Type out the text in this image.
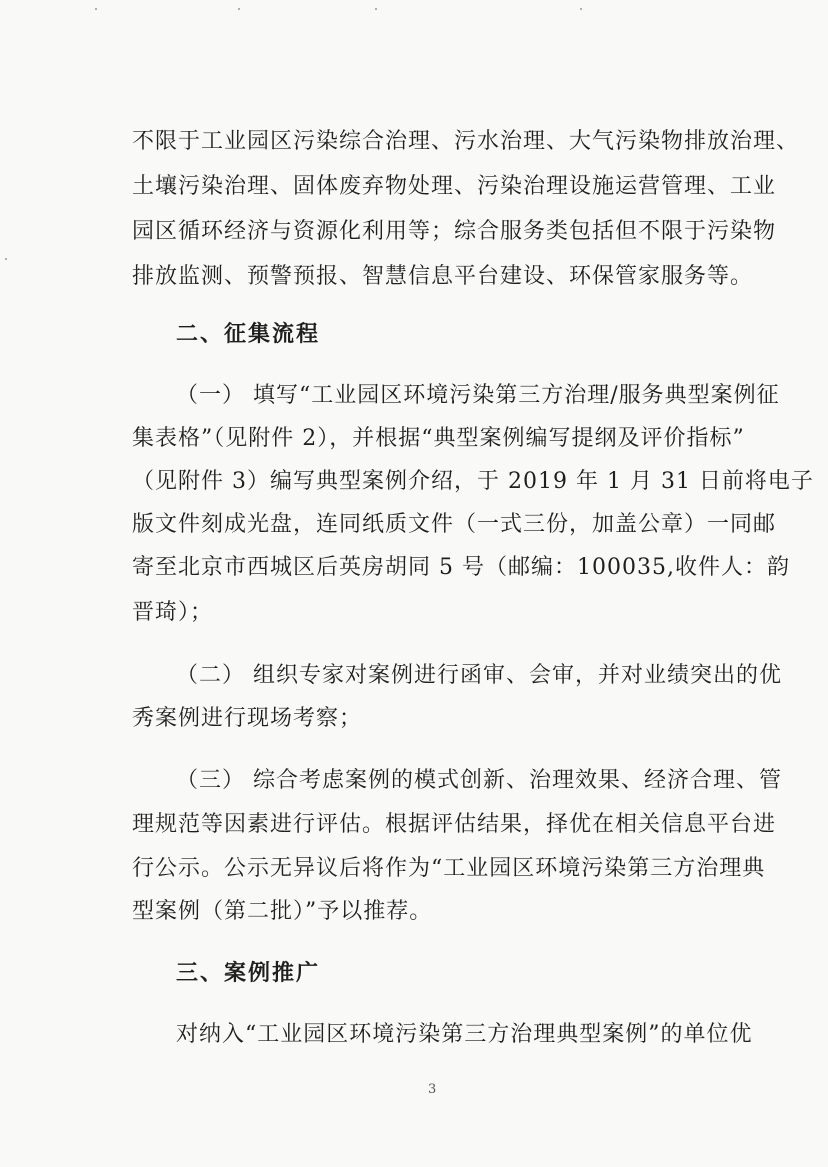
不限于工业园区污染综合治理、污水治理、大气污染物排放治理、
土壤污染治理、固体废弃物处理、污染治理设施运营管理、工业
园区循环经济与资源化利用等；综合服务类包括但不限于污染物
排放监测、预警预报、智慧信息平台建设、环保管家服务等。
二、征集流程
（一） 填写“工业园区环境污染第三方治理/服务典型案例征
集表格”（见附件 2），并根据“典型案例编写提纲及评价指标”
（见附件 3）编写典型案例介绍，于 2019 年 1 月 31 日前将电子
版文件刻成光盘，连同纸质文件（一式三份，加盖公章）一同邮
寄至北京市西城区后英房胡同 5 号（邮编：100035,收件人：韵
晋琦）；
（二） 组织专家对案例进行函审、会审，并对业绩突出的优
秀案例进行现场考察；
（三） 综合考虑案例的模式创新、治理效果、经济合理、管
理规范等因素进行评估。根据评估结果，择优在相关信息平台进
行公示。公示无异议后将作为“工业园区环境污染第三方治理典
型案例（第二批）”予以推荐。
三、案例推广
对纳入“工业园区环境污染第三方治理典型案例”的单位优
3
